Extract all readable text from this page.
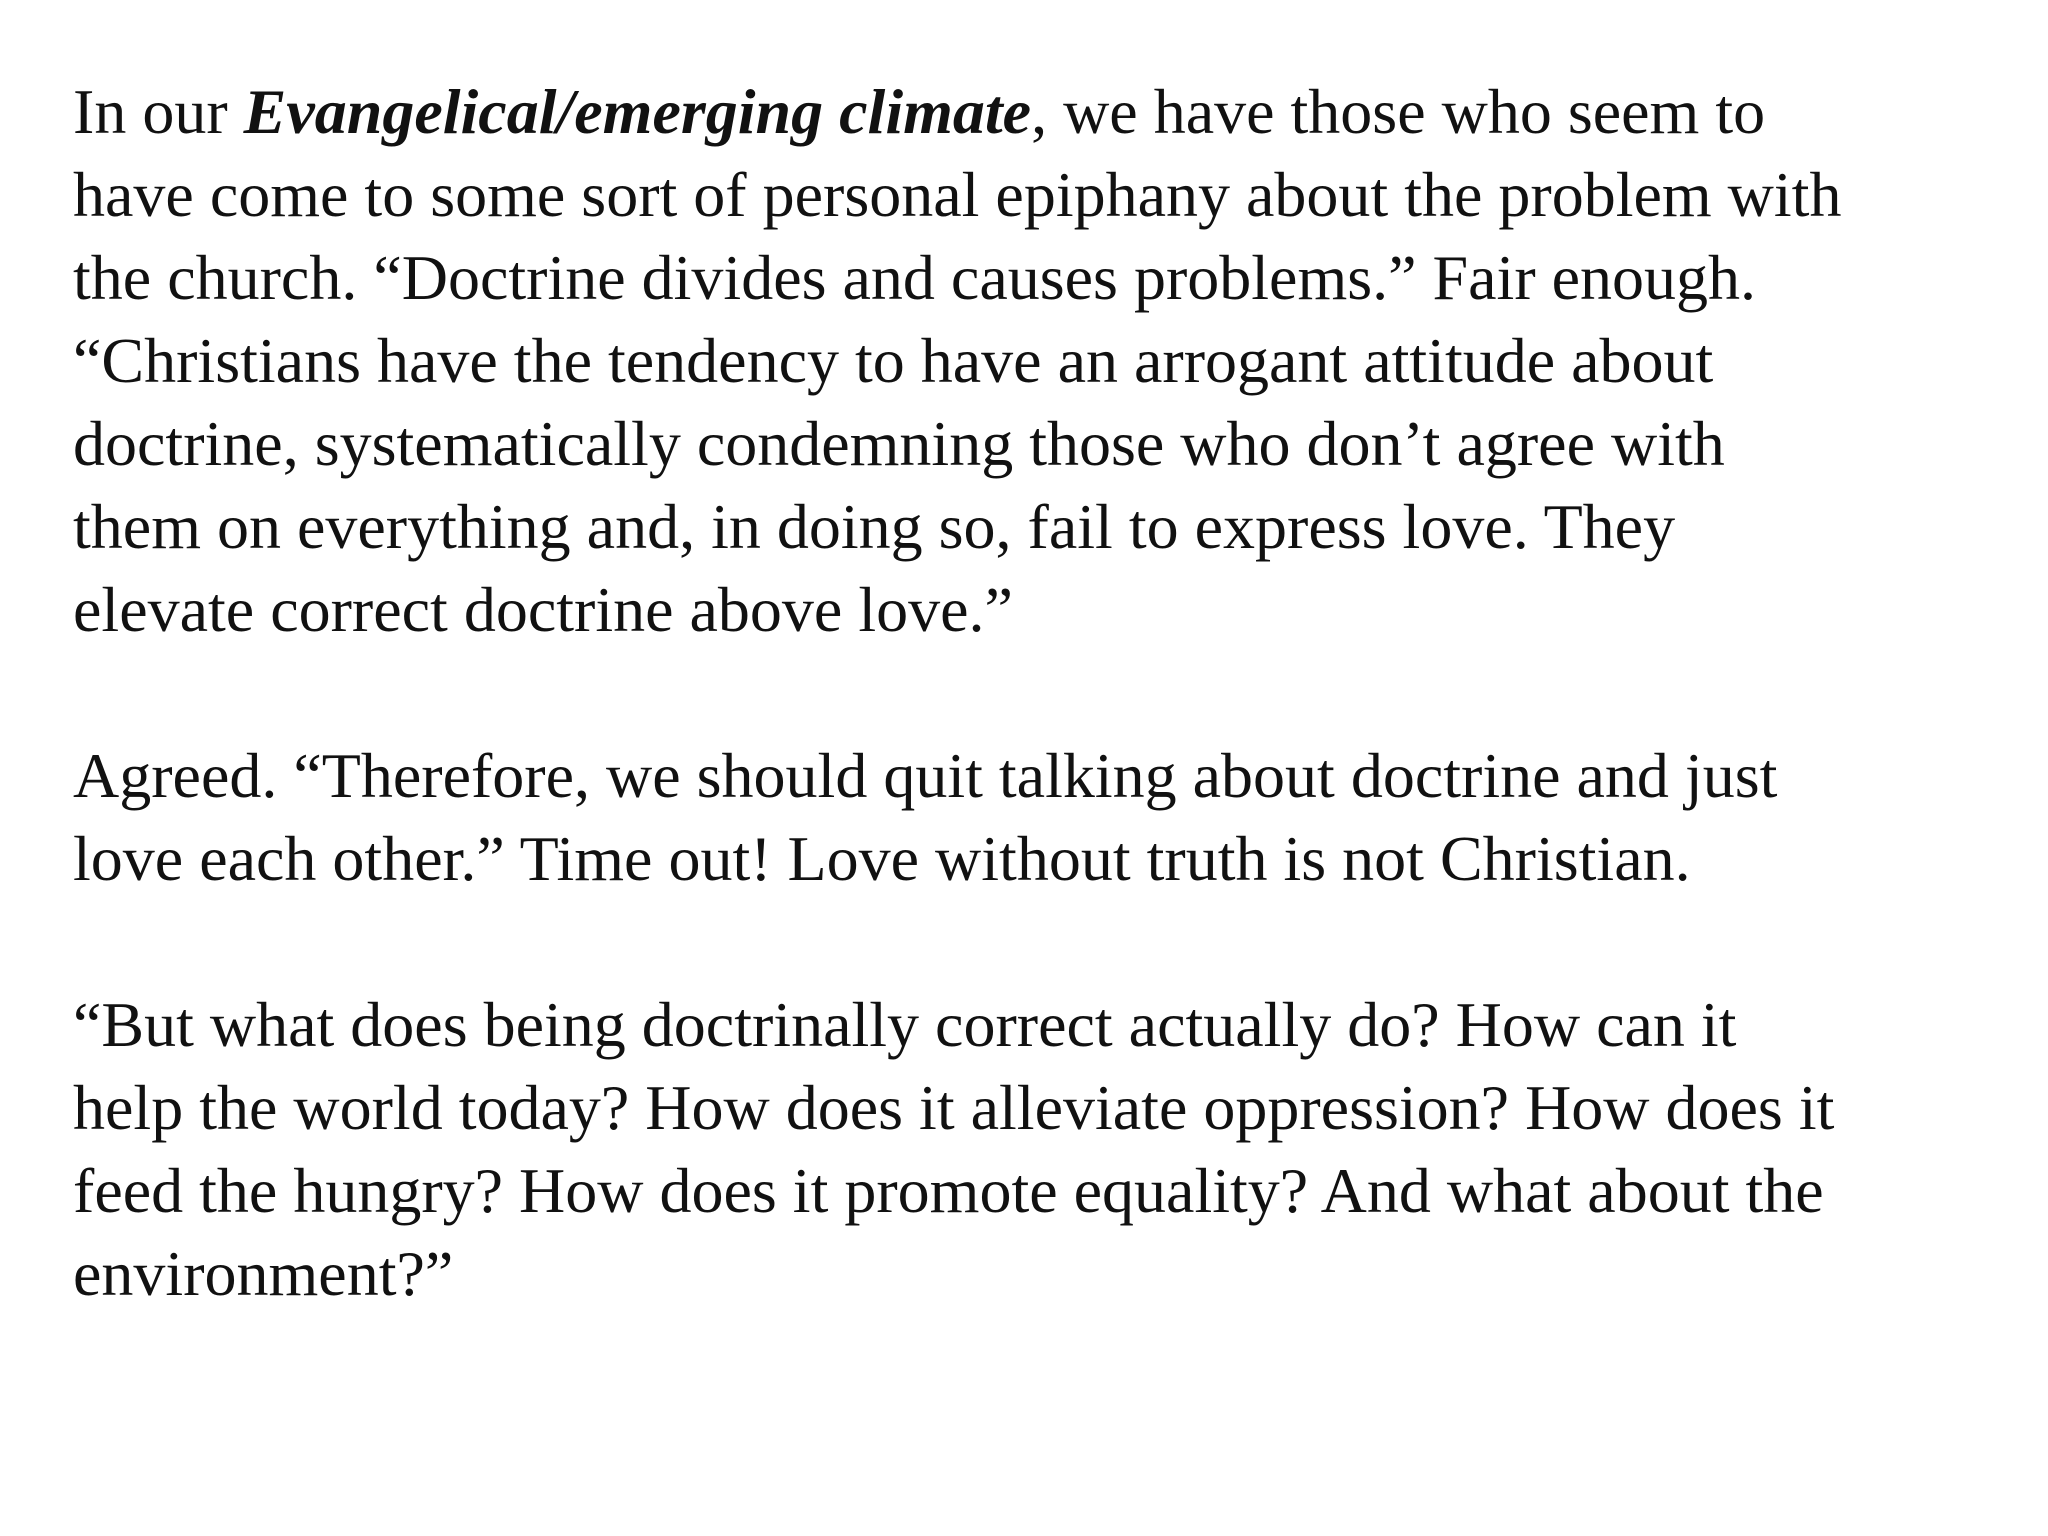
In our Evangelical/emerging climate, we have those who seem to
have come to some sort of personal epiphany about the problem with
the church. “Doctrine divides and causes problems.” Fair enough.
“Christians have the tendency to have an arrogant attitude about
doctrine, systematically condemning those who don’t agree with
them on everything and, in doing so, fail to express love. They
elevate correct doctrine above love.”

Agreed. “Therefore, we should quit talking about doctrine and just
love each other.” Time out! Love without truth is not Christian.

“But what does being doctrinally correct actually do? How can it
help the world today? How does it alleviate oppression? How does it
feed the hungry? How does it promote equality? And what about the
environment?”
